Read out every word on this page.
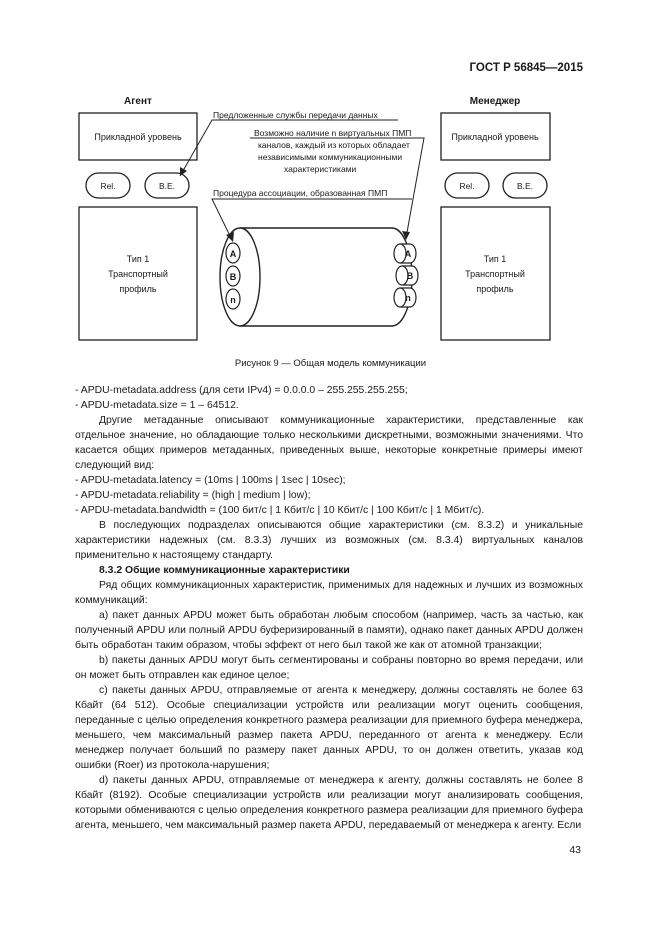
ГОСТ Р 56845—2015
Агент
Прикладной уровень
Rel.	B.E.
Тип 1
Транспортный
профиль
Менеджер
Прикладной уровень
Rel.	B.E.
Тип 1
Транспортный
профиль
A
B
n
A
B
n
Предложенные службы передачи данных
Возможно наличие n виртуальных ПМП
каналов, каждый из которых обладает
независимыми коммуникационными
характеристиками
Процедура ассоциации, образованная ПМП
Рисунок 9 — Общая модель коммуникации

- APDU-metadata.address (для сети IPv4) = 0.0.0.0 – 255.255.255.255;

- APDU-metadata.size = 1 – 64512.

Другие метаданные описывают коммуникационные характеристики, представленные как отдельное значение, но обладающие только несколькими дискретными, возможными значениями. Что касается общих примеров метаданных, приведенных выше, некоторые конкретные примеры имеют следующий вид:

- APDU-metadata.latency = (10ms | 100ms | 1sec | 10sec);

- APDU-metadata.reliability = (high | medium | low);

- APDU-metadata.bandwidth = (100 бит/с | 1 Кбит/с | 10 Кбит/с | 100 Кбит/с | 1 Мбит/с).

В последующих подразделах описываются общие характеристики (см. 8.3.2) и уникальные характеристики надежных (см. 8.3.3) лучших из возможных (см. 8.3.4) виртуальных каналов применительно к настоящему стандарту.

8.3.2 Общие коммуникационные характеристики

Ряд общих коммуникационных характеристик, применимых для надежных и лучших из возможных коммуникаций:

а) пакет данных APDU может быть обработан любым способом (например, часть за частью, как полученный APDU или полный APDU буферизированный в памяти), однако пакет данных APDU должен быть обработан таким образом, чтобы эффект от него был такой же как от атомной транзакции;

b) пакеты данных APDU могут быть сегментированы и собраны повторно во время передачи, или он может быть отправлен как единое целое;

с) пакеты данных APDU, отправляемые от агента к менеджеру, должны составлять не более 63 Кбайт (64 512). Особые специализации устройств или реализации могут оценить сообщения, переданные с целью определения конкретного размера реализации для приемного буфера менеджера, меньшего, чем максимальный размер пакета APDU, переданного от агента к менеджеру. Если менеджер получает больший по размеру пакет данных APDU, то он должен ответить, указав код ошибки (Roer) из протокола-нарушения;

d) пакеты данных APDU, отправляемые от менеджера к агенту, должны составлять не более 8 Кбайт (8192). Особые специализации устройств или реализации могут анализировать сообщения, которыми обмениваются с целью определения конкретного размера реализации для приемного буфера агента, меньшего, чем максимальный размер пакета APDU, передаваемый от менеджера к агенту. Если

43
